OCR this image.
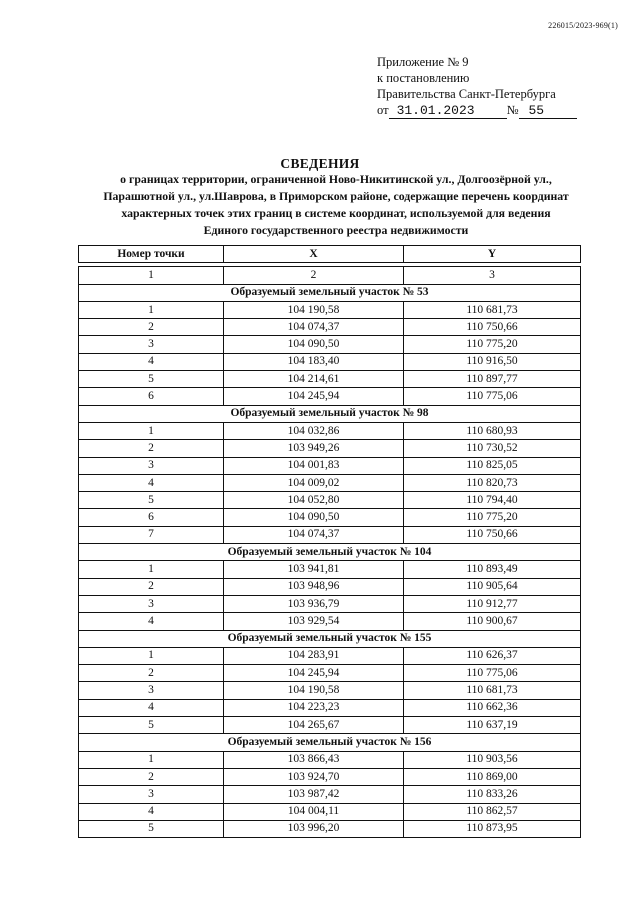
226015/2023-969(1)
Приложение № 9
к постановлению
Правительства Санкт-Петербурга
от 31.01.2023	№ 55
СВЕДЕНИЯ
о границах территории, ограниченной Ново-Никитинской ул., Долгоозёрной ул.,
Парашютной ул., ул.Шаврова, в Приморском районе, содержащие перечень координат
характерных точек этих границ в системе координат, используемой для ведения
Единого государственного реестра недвижимости
Номер точки	X	Y

1	2	3
Образуемый земельный участок № 53		
1	104 190,58	110 681,73
2	104 074,37	110 750,66
3	104 090,50	110 775,20
4	104 183,40	110 916,50
5	104 214,61	110 897,77
6	104 245,94	110 775,06
Образуемый земельный участок № 98		
1	104 032,86	110 680,93
2	103 949,26	110 730,52
3	104 001,83	110 825,05
4	104 009,02	110 820,73
5	104 052,80	110 794,40
6	104 090,50	110 775,20
7	104 074,37	110 750,66
Образуемый земельный участок № 104		
1	103 941,81	110 893,49
2	103 948,96	110 905,64
3	103 936,79	110 912,77
4	103 929,54	110 900,67
Образуемый земельный участок № 155		
1	104 283,91	110 626,37
2	104 245,94	110 775,06
3	104 190,58	110 681,73
4	104 223,23	110 662,36
5	104 265,67	110 637,19
Образуемый земельный участок № 156		
1	103 866,43	110 903,56
2	103 924,70	110 869,00
3	103 987,42	110 833,26
4	104 004,11	110 862,57
5	103 996,20	110 873,95
